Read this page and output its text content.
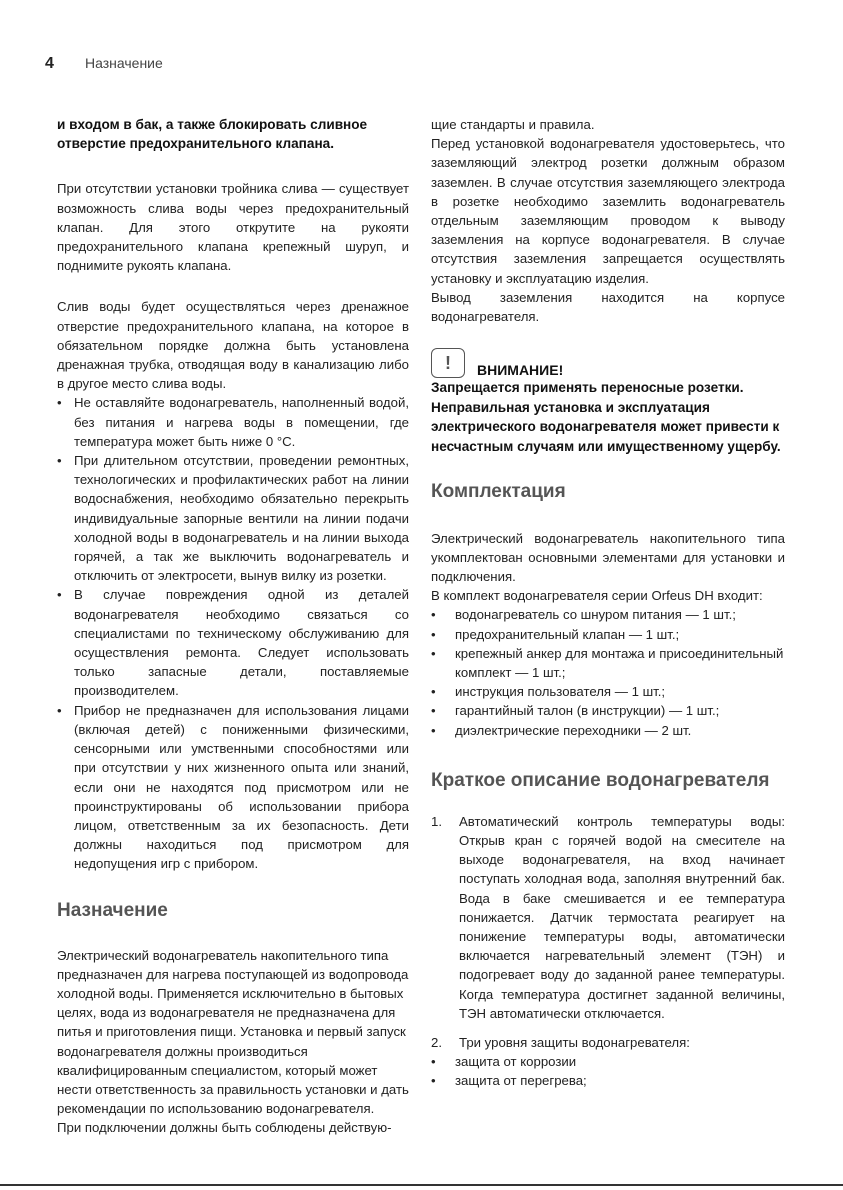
4	Назначение

и входом в бак, а также блокировать сливное отверстие предохранительного клапана.

При отсутствии установки тройника слива — существует возможность слива воды через предохранительный клапан. Для этого открутите на рукояти предохранительного клапана крепежный шуруп, и поднимите рукоять клапана.

Слив воды будет осуществляться через дренажное отверстие предохранительного клапана, на которое в обязательном порядке должна быть установлена дренажная трубка, отводящая воду в канализацию либо в другое место слива воды.

• Не оставляйте водонагреватель, наполненный водой, без питания и нагрева воды в помещении, где температура может быть ниже 0 °С.
• При длительном отсутствии, проведении ремонтных, технологических и профилактических работ на линии водоснабжения, необходимо обязательно перекрыть индивидуальные запорные вентили на линии подачи холодной воды в водонагреватель и на линии выхода горячей, а так же выключить водонагреватель и отключить от электросети, вынув вилку из розетки.
• В случае повреждения одной из деталей водонагревателя необходимо связаться со специалистами по техническому обслуживанию для осуществления ремонта. Следует использовать только запасные детали, поставляемые производителем.
• Прибор не предназначен для использования лицами (включая детей) с пониженными физическими, сенсорными или умственными способностями или при отсутствии у них жизненного опыта или знаний, если они не находятся под присмотром или не проинструктированы об использовании прибора лицом, ответственным за их безопасность. Дети должны находиться под присмотром для недопущения игр с прибором.
Назначение

Электрический водонагреватель накопительного типа предназначен для нагрева поступающей из водопровода холодной воды. Применяется исключительно в бытовых целях, вода из водонагревателя не предназначена для питья и приготовления пищи. Установка и первый запуск водонагревателя должны производиться квалифицированным специалистом, который может нести ответственность за правильность установки и дать рекомендации по использованию водонагревателя.

При подключении должны быть соблюдены действую-

щие стандарты и правила.

Перед установкой водонагревателя удостоверьтесь, что заземляющий электрод розетки должным образом заземлен. В случае отсутствия заземляющего электрода в розетке необходимо заземлить водонагреватель отдельным заземляющим проводом к выводу заземления на корпусе водонагревателя. В случае отсутствия заземления запрещается осуществлять установку и эксплуатацию изделия.

Вывод заземления находится на корпусе водонагревателя.

!	ВНИМАНИЕ!

Запрещается применять переносные розетки. Неправильная установка и эксплуатация электрического водонагревателя может привести к несчастным случаям или имущественному ущербу.

Комплектация

Электрический водонагреватель накопительного типа укомплектован основными элементами для установки и подключения.

В комплект водонагревателя серии Orfeus DH входит:

•	водонагреватель со шнуром питания — 1 шт.;
•	предохранительный клапан — 1 шт.;
•	крепежный анкер для монтажа и присоединительный комплект — 1 шт.;
•	инструкция пользователя — 1 шт.;
•	гарантийный талон (в инструкции) — 1 шт.;
•	диэлектрические переходники — 2 шт.
Краткое описание водонагревателя
1. Автоматический контроль температуры воды: Открыв кран с горячей водой на смесителе на выходе водонагревателя, на вход начинает поступать холодная вода, заполняя внутренний бак. Вода в баке смешивается и ее температура понижается. Датчик термостата реагирует на понижение температуры воды, автоматически включается нагревательный элемент (ТЭН) и подогревает воду до заданной ранее температуры. Когда температура достигнет заданной величины, ТЭН автоматически отключается.
2. Три уровня защиты водонагревателя:
•	защита от коррозии
•	защита от перегрева;
